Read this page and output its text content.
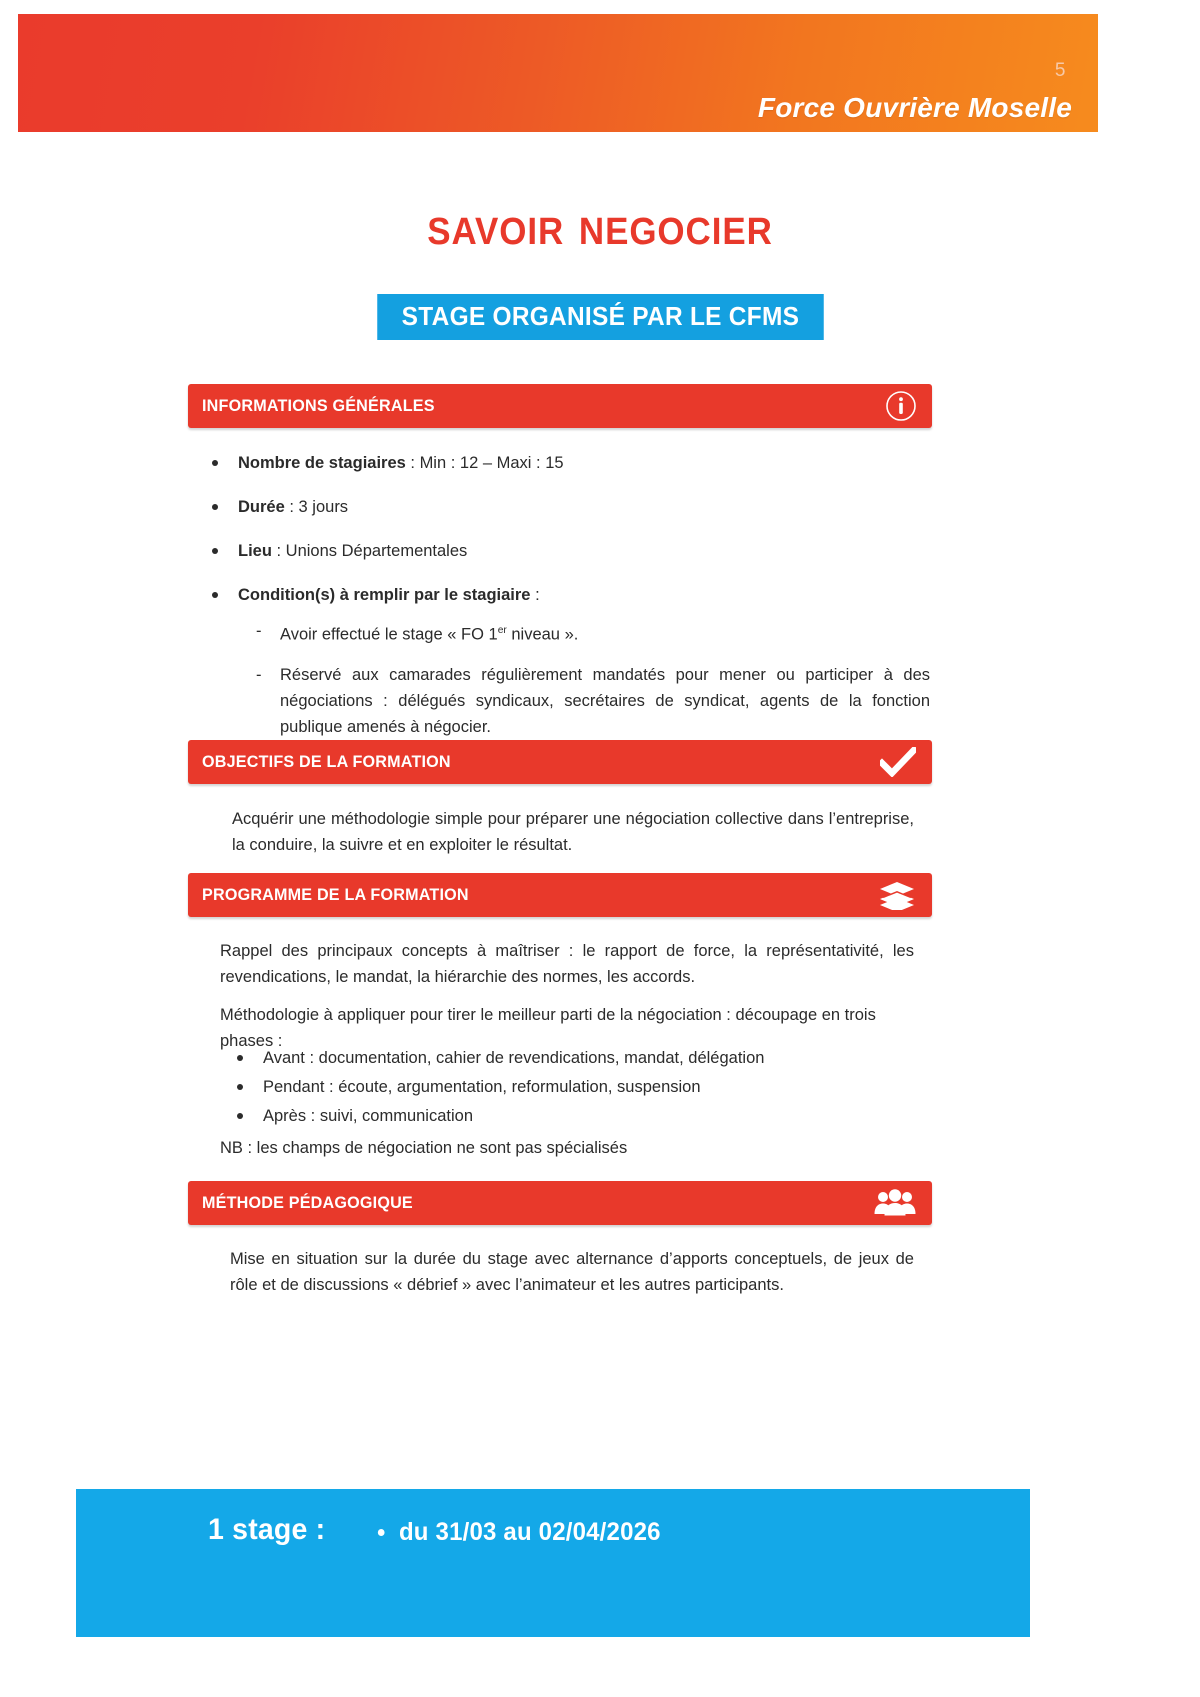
5
Force Ouvrière Moselle
savoir negocier
STAGE ORGANISÉ PAR LE CFMS
INFORMATIONS GÉNÉRALES
Nombre de stagiaires : Min : 12 – Maxi : 15
Durée : 3 jours
Lieu : Unions Départementales
Condition(s) à remplir par le stagiaire :
- Avoir effectué le stage « FO 1er niveau ».
- Réservé aux camarades régulièrement mandatés pour mener ou participer à des négociations : délégués syndicaux, secrétaires de syndicat, agents de la fonction publique amenés à négocier.
OBJECTIFS DE LA FORMATION
Acquérir une méthodologie simple pour préparer une négociation collective dans l’entreprise, la conduire, la suivre et en exploiter le résultat.
PROGRAMME DE LA FORMATION
Rappel des principaux concepts à maîtriser : le rapport de force, la représentativité, les revendications, le mandat, la hiérarchie des normes, les accords.
Méthodologie à appliquer pour tirer le meilleur parti de la négociation : découpage en trois phases :
Avant : documentation, cahier de revendications, mandat, délégation
Pendant : écoute, argumentation, reformulation, suspension
Après : suivi, communication
NB : les champs de négociation ne sont pas spécialisés
MÉTHODE PÉDAGOGIQUE
Mise en situation sur la durée du stage avec alternance d’apports conceptuels, de jeux de rôle et de discussions « débrief » avec l’animateur et les autres participants.
1 stage :	du 31/03 au 02/04/2026
